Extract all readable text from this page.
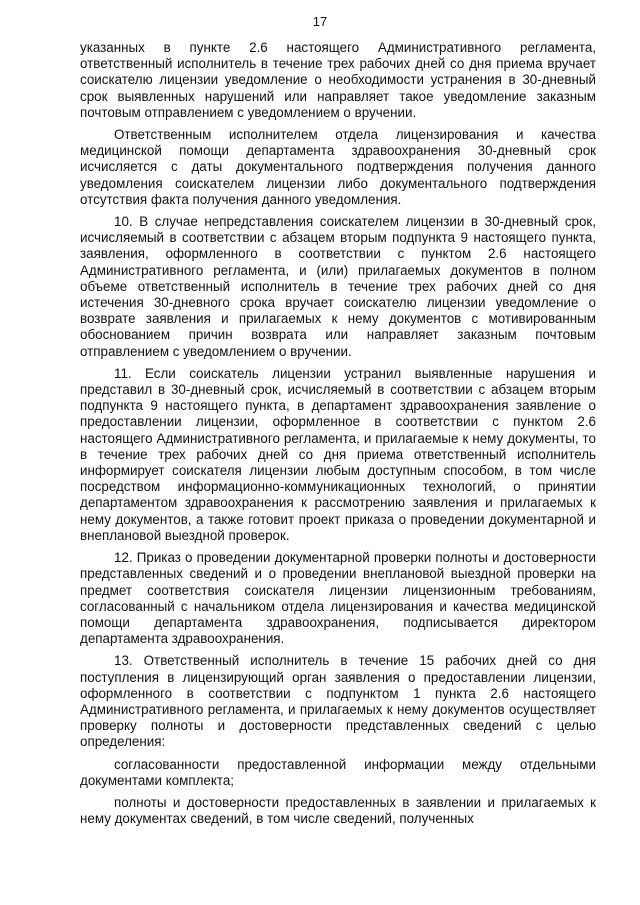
17

указанных в пункте 2.6 настоящего Административного регламента, ответственный исполнитель в течение трех рабочих дней со дня приема вручает соискателю лицензии уведомление о необходимости устранения в 30-дневный срок выявленных нарушений или направляет такое уведомление заказным почтовым отправлением с уведомлением о вручении.

Ответственным исполнителем отдела лицензирования и качества медицинской помощи департамента здравоохранения 30-дневный срок исчисляется с даты документального подтверждения получения данного уведомления соискателем лицензии либо документального подтверждения отсутствия факта получения данного уведомления.

10. В случае непредставления соискателем лицензии в 30-дневный срок, исчисляемый в соответствии с абзацем вторым подпункта 9 настоящего пункта, заявления, оформленного в соответствии с пунктом 2.6 настоящего Административного регламента, и (или) прилагаемых документов в полном объеме ответственный исполнитель в течение трех рабочих дней со дня истечения 30-дневного срока вручает соискателю лицензии уведомление о возврате заявления и прилагаемых к нему документов с мотивированным обоснованием причин возврата или направляет заказным почтовым отправлением с уведомлением о вручении.

11. Если соискатель лицензии устранил выявленные нарушения и представил в 30-дневный срок, исчисляемый в соответствии с абзацем вторым подпункта 9 настоящего пункта, в департамент здравоохранения заявление о предоставлении лицензии, оформленное в соответствии с пунктом 2.6 настоящего Административного регламента, и прилагаемые к нему документы, то в течение трех рабочих дней со дня приема ответственный исполнитель информирует соискателя лицензии любым доступным способом, в том числе посредством информационно-коммуникационных технологий, о принятии департаментом здравоохранения к рассмотрению заявления и прилагаемых к нему документов, а также готовит проект приказа о проведении документарной и внеплановой выездной проверок.

12. Приказ о проведении документарной проверки полноты и достоверности представленных сведений и о проведении внеплановой выездной проверки на предмет соответствия соискателя лицензии лицензионным требованиям, согласованный с начальником отдела лицензирования и качества медицинской помощи департамента здравоохранения, подписывается директором департамента здравоохранения.

13. Ответственный исполнитель в течение 15 рабочих дней со дня поступления в лицензирующий орган заявления о предоставлении лицензии, оформленного в соответствии с подпунктом 1 пункта 2.6 настоящего Административного регламента, и прилагаемых к нему документов осуществляет проверку полноты и достоверности представленных сведений с целью определения:

согласованности предоставленной информации между отдельными документами комплекта;

полноты и достоверности предоставленных в заявлении и прилагаемых к нему документах сведений, в том числе сведений, полученных
